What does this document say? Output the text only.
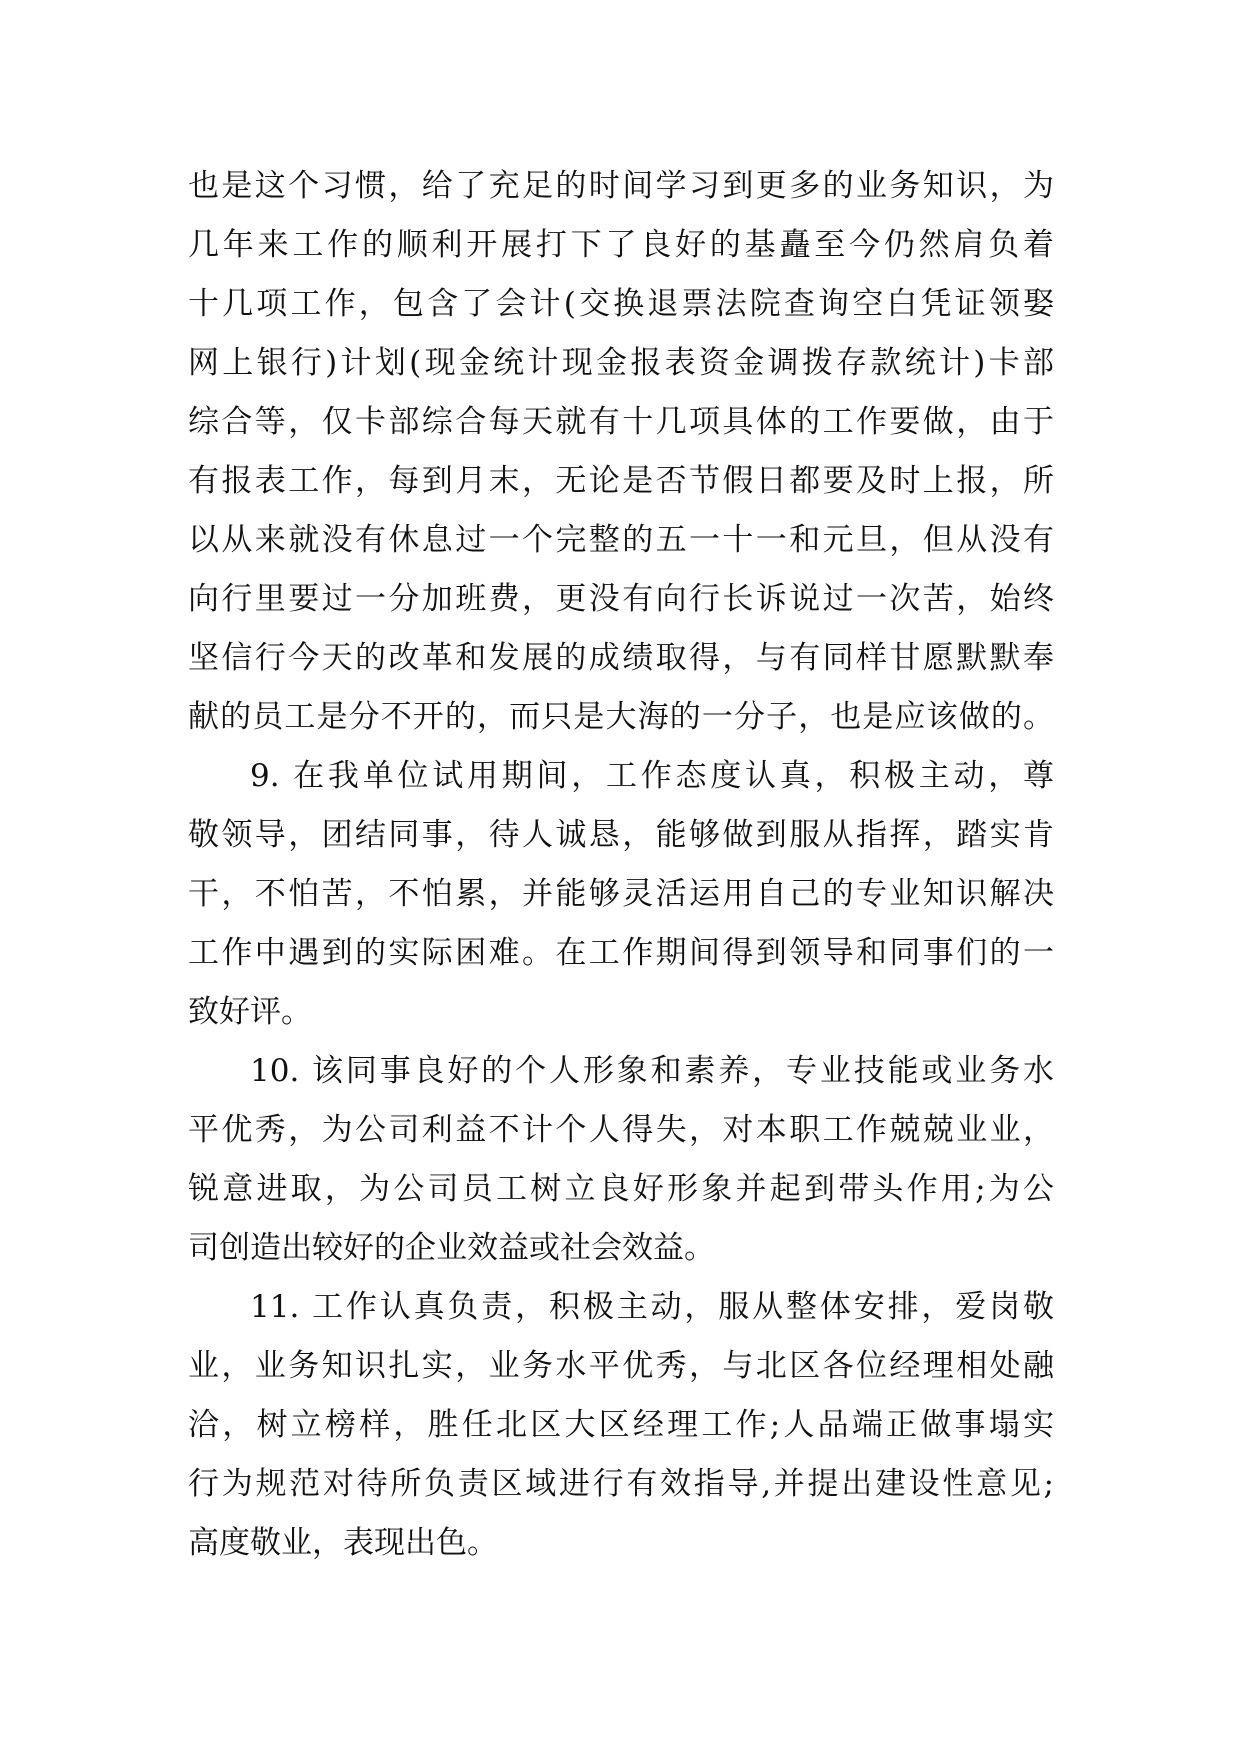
也是这个习惯，给了充足的时间学习到更多的业务知识，为
几年来工作的顺利开展打下了良好的基矗至今仍然肩负着
十几项工作，包含了会计(交换退票法院查询空白凭证领娶
网上银行)计划(现金统计现金报表资金调拨存款统计)卡部
综合等，仅卡部综合每天就有十几项具体的工作要做，由于
有报表工作，每到月末，无论是否节假日都要及时上报，所
以从来就没有休息过一个完整的五一十一和元旦，但从没有
向行里要过一分加班费，更没有向行长诉说过一次苦，始终
坚信行今天的改革和发展的成绩取得，与有同样甘愿默默奉
献的员工是分不开的，而只是大海的一分子，也是应该做的。
9. 在我单位试用期间，工作态度认真，积极主动，尊
敬领导，团结同事，待人诚恳，能够做到服从指挥，踏实肯
干，不怕苦，不怕累，并能够灵活运用自己的专业知识解决
工作中遇到的实际困难。在工作期间得到领导和同事们的一
致好评。
10. 该同事良好的个人形象和素养，专业技能或业务水
平优秀，为公司利益不计个人得失，对本职工作兢兢业业，
锐意进取，为公司员工树立良好形象并起到带头作用;为公
司创造出较好的企业效益或社会效益。
11. 工作认真负责，积极主动，服从整体安排，爱岗敬
业，业务知识扎实，业务水平优秀，与北区各位经理相处融
洽，树立榜样，胜任北区大区经理工作;人品端正做事塌实
行为规范对待所负责区域进行有效指导,并提出建设性意见;
高度敬业，表现出色。
